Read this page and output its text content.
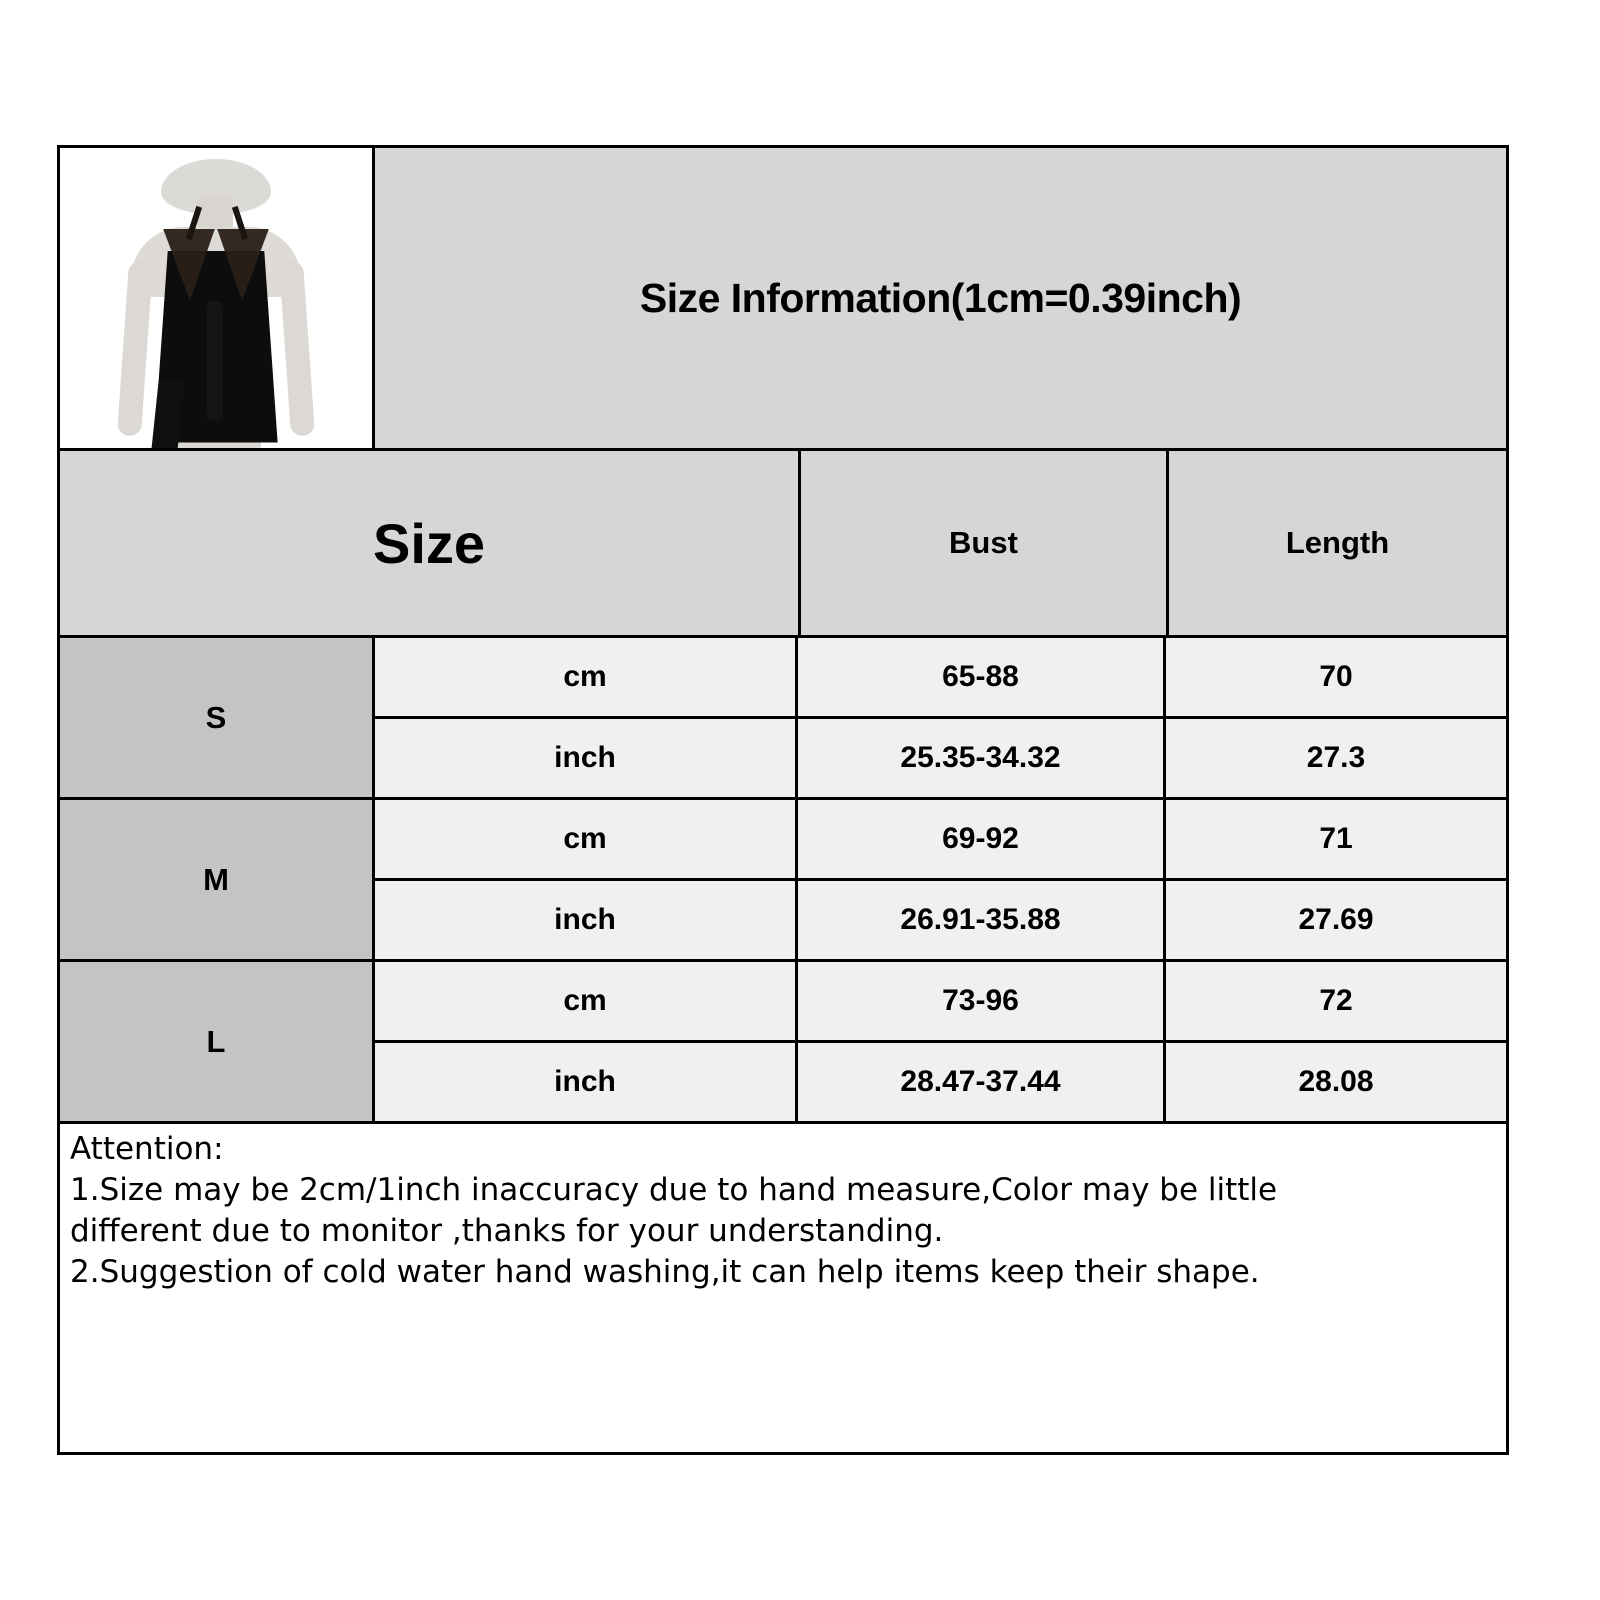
Size Information(1cm=0.39inch)
Size	Bust	Length
S
cm	65-88	70
inch	25.35-34.32	27.3
M
cm	69-92	71
inch	26.91-35.88	27.69
L
cm	73-96	72
inch	28.47-37.44	28.08

Attention:

1.Size may be 2cm/1inch inaccuracy due to hand measure,Color may be little

different due to monitor ,thanks for your understanding.

2.Suggestion of cold water hand washing,it can help items keep their shape.
